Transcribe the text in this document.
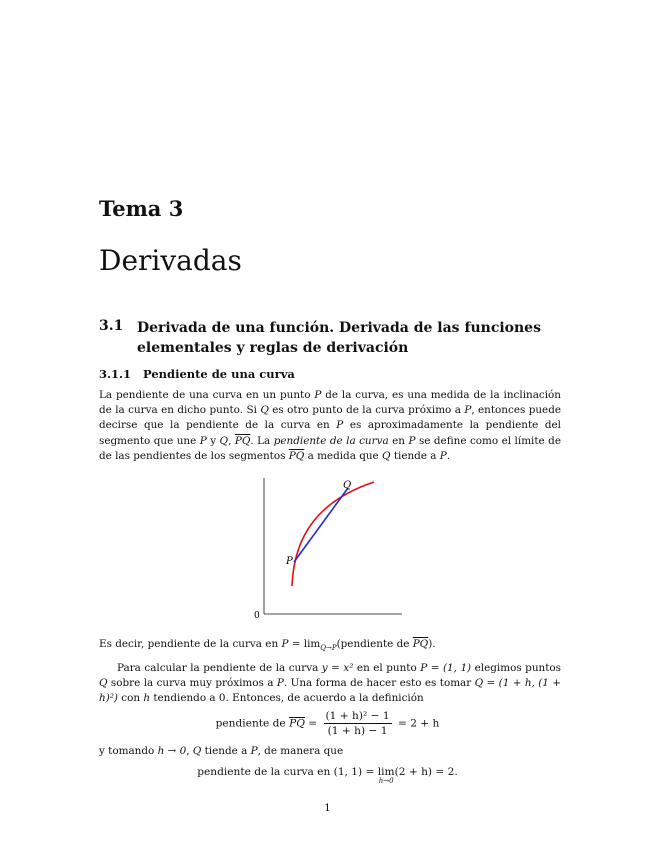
Tema 3
Derivadas
3.1 Derivada de una función. Derivada de las funciones elementales y reglas de derivación
3.1.1 Pendiente de una curva
La pendiente de una curva en un punto P de la curva, es una medida de la inclinación de la curva en dicho punto. Si Q es otro punto de la curva próximo a P, entonces puede decirse que la pendiente de la curva en P es aproximadamente la pendiente del segmento que une P y Q, $\overline{PQ}$. La pendiente de la curva en P se define como el límite de de las pendientes de los segmentos $\overline{PQ}$ a medida que Q tiende a P.
P
Q
0
Es decir, pendiente de la curva en $P = \lim_{Q\to P}(pendiente$ de $\overline{PQ}$).
Para calcular la pendiente de la curva y = x² en el punto P = (1, 1) elegimos puntos Q sobre la curva muy próximos a P. Una forma de hacer esto es tomar Q = (1 + h, (1 + h)²) con h tendiendo a 0. Entonces, de acuerdo a la definición
pendiente de $\overline{PQ} = \frac{\text{(1 + h)² − 1}}{(1 + h) - 1} = 2 + h$
y tomando h → 0, Q tiende a P, de manera que
pendiente de la curva en (1, 1) = lim
h→0
(2 + h) = 2.
1
